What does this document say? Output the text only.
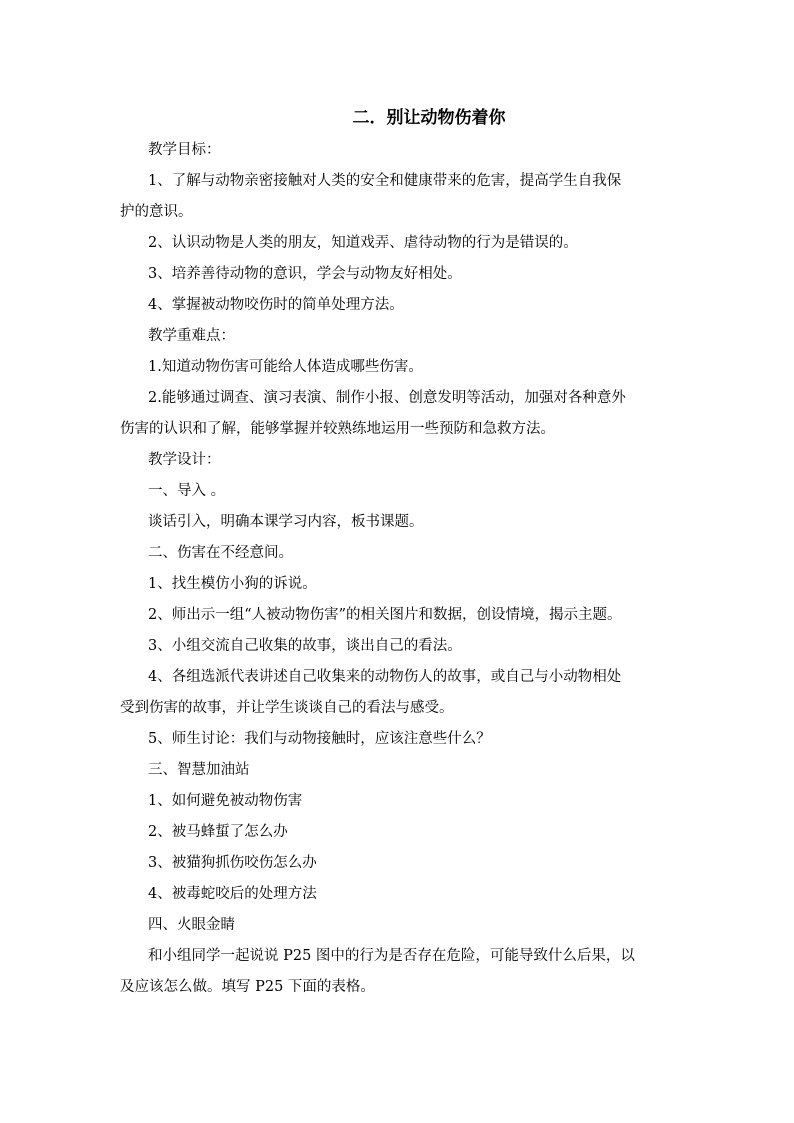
二．别让动物伤着你
教学目标：
1、了解与动物亲密接触对人类的安全和健康带来的危害，提高学生自我保
护的意识。
2、认识动物是人类的朋友，知道戏弄、虐待动物的行为是错误的。
3、培养善待动物的意识，学会与动物友好相处。
4、掌握被动物咬伤时的简单处理方法。
教学重难点：
1.知道动物伤害可能给人体造成哪些伤害。
2.能够通过调查、演习表演、制作小报、创意发明等活动，加强对各种意外
伤害的认识和了解，能够掌握并较熟练地运用一些预防和急救方法。
教学设计：
一、导入 。
谈话引入，明确本课学习内容，板书课题。
二、伤害在不经意间。
1、找生模仿小狗的诉说。
2、师出示一组“人被动物伤害”的相关图片和数据，创设情境，揭示主题。
3、小组交流自己收集的故事，谈出自己的看法。
4、各组选派代表讲述自己收集来的动物伤人的故事，或自己与小动物相处
受到伤害的故事，并让学生谈谈自己的看法与感受。
5、师生讨论：我们与动物接触时，应该注意些什么？
三、智慧加油站
1、如何避免被动物伤害
2、被马蜂蜇了怎么办
3、被猫狗抓伤咬伤怎么办
4、被毒蛇咬后的处理方法
四、火眼金睛
和小组同学一起说说 P25 图中的行为是否存在危险，可能导致什么后果，以
及应该怎么做。填写 P25 下面的表格。
